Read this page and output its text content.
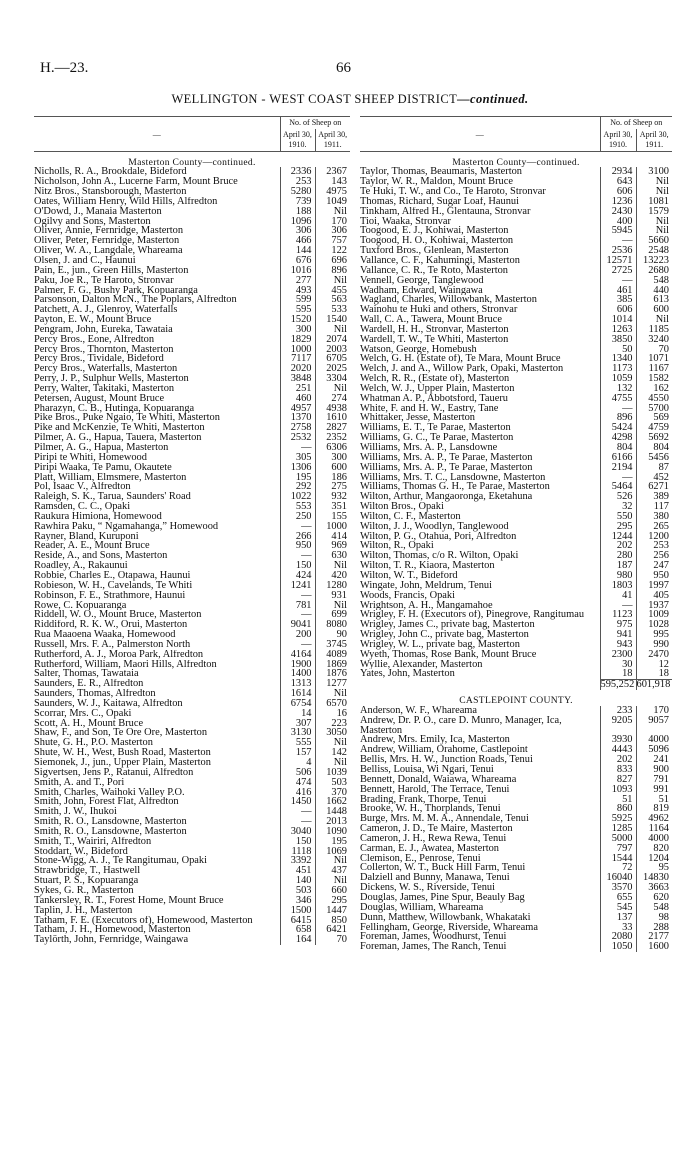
H.—23.	66
WELLINGTON - WEST COAST SHEEP DISTRICT—continued.
	No. of Sheep on	
—	April 30, 1910.	April 30, 1911.
Masterton County—continued.		
Nicholls, R. A., Brookdale, Bideford	2336	2367
Nicholson, John A., Lucerne Farm, Mount Bruce	253	143
Nitz Bros., Stansborough, Masterton	5280	4975
Oates, William Henry, Wild Hills, Alfredton	739	1049
O'Dowd, J., Manaia Masterton	188	Nil
Ogilvy and Sons, Masterton	1096	170
Oliver, Annie, Fernridge, Masterton	306	306
Oliver, Peter, Fernridge, Masterton	466	757
Oliver, W. A., Langdale, Whareama	144	122
Olsen, J. and C., Haunui	676	696
Pain, E., jun., Green Hills, Masterton	1016	896
Paku, Joe R., Te Haroto, Stronvar	277	Nil
Palmer, F. G., Bushy Park, Kopuaranga	493	455
Parsonson, Dalton McN., The Poplars, Alfredton	599	563
Patchett, A. J., Glenroy, Waterfalls	595	533
Payton, E. W., Mount Bruce	1520	1540
Pengram, John, Eureka, Tawataia	300	Nil
Percy Bros., Eone, Alfredton	1829	2074
Percy Bros., Thornton, Masterton	1000	2003
Percy Bros., Tividale, Bideford	7117	6705
Percy Bros., Waterfalls, Masterton	2020	2025
Perry, J. P., Sulphur Wells, Masterton	3848	3304
Perry, Walter, Takitaki, Masterton	251	Nil
Petersen, August, Mount Bruce	460	274
Pharazyn, C. B., Hutinga, Kopuaranga	4957	4938
Pike Bros., Puke Ngaio, Te Whiti, Masterton	1370	1610
Pike and McKenzie, Te Whiti, Masterton	2758	2827
Pilmer, A. G., Hapua, Tauera, Masterton	2532	2352
Pilmer, A. G., Hapua, Masterton	—	6306
Piripi te Whiti, Homewood	305	300
Piripi Waaka, Te Pamu, Okautete	1306	600
Platt, William, Elmsmere, Masterton	195	186
Pol, Isaac V., Alfredton	292	275
Raleigh, S. K., Tarua, Saunders' Road	1022	932
Ramsden, C. C., Opaki	553	351
Raukura Himiona, Homewood	250	155
Rawhira Paku, “ Ngamahanga,” Homewood	—	1000
Rayner, Bland, Kuruponi	266	414
Reader, A. E., Mount Bruce	950	969
Reside, A., and Sons, Masterton	—	630
Roadley, A., Rakaunui	150	Nil
Robbie, Charles E., Otapawa, Haunui	424	420
Robieson, W. H., Cavelands, Te Whiti	1241	1280
Robinson, F. E., Strathmore, Haunui	—	931
Rowe, C. Kopuaranga	781	Nil
Riddell, W. O., Mount Bruce, Masterton	—	699
Riddiford, R. K. W., Orui, Masterton	9041	8080
Rua Maaoena Waaka, Homewood	200	90
Russell, Mrs. F. A., Palmerston North	—	3745
Rutherford, A. J., Moroa Park, Alfredton	4164	4089
Rutherford, William, Maori Hills, Alfredton	1900	1869
Salter, Thomas, Tawataia	1400	1876
Saunders, E. R., Alfredton	1313	1277
Saunders, Thomas, Alfredton	1614	Nil
Saunders, W. J., Kaitawa, Alfredton	6754	6570
Scorrar, Mrs. C., Opaki	14	16
Scott, A. H., Mount Bruce	307	223
Shaw, F., and Son, Te Ore Ore, Masterton	3130	3050
Shute, G. H., P.O. Masterton	555	Nil
Shute, W. H., West, Bush Road, Masterton	157	142
Siemonek, J., jun., Upper Plain, Masterton	4	Nil
Sigvertsen, Jens P., Ratanui, Alfredton	506	1039
Smith, A. and T., Pori	474	503
Smith, Charles, Waihoki Valley P.O.	416	370
Smith, John, Forest Flat, Alfredton	1450	1662
Smith, J. W., Ihukoi	—	1448
Smith, R. O., Lansdowne, Masterton	—	2013
Smith, R. O., Lansdowne, Masterton	3040	1090
Smith, T., Wairiri, Alfredton	150	195
Stoddart, W., Bideford	1118	1069
Stone-Wigg, A. J., Te Rangitumau, Opaki	3392	Nil
Strawbridge, T., Hastwell	451	437
Stuart, P. S., Kopuaranga	140	Nil
Sykes, G. R., Masterton	503	660
Tankersley, R. T., Forest Home, Mount Bruce	346	295
Taplin, J. H., Masterton	1500	1447
Tatham, F. E. (Executors of), Homewood, Masterton	6415	850
Tatham, J. H., Homewood, Masterton	658	6421
Taylörth, John, Fernridge, Waingawa	164	70
	No. of Sheep on	
—	April 30, 1910.	April 30, 1911.
Masterton County—continued.		
Taylor, Thomas, Beaumaris, Masterton	2934	3100
Taylor, W. R., Maldon, Mount Bruce	643	Nil
Te Huki, T. W., and Co., Te Haroto, Stronvar	606	Nil
Thomas, Richard, Sugar Loaf, Haunui	1236	1081
Tinkham, Alfred H., Glentauna, Stronvar	2430	1579
Tioi, Waaka, Stronvar	400	Nil
Toogood, E. J., Kohiwai, Masterton	5945	Nil
Toogood, H. O., Kohiwai, Masterton	—	5660
Tuxford Bros., Glenlean, Masterton	2536	2548
Vallance, C. F., Kahumingi, Masterton	12571	13223
Vallance, C. R., Te Roto, Masterton	2725	2680
Vennell, George, Tanglewood	—	548
Wadham, Edward, Waingawa	461	440
Wagland, Charles, Willowbank, Masterton	385	613
Wainohu te Huki and others, Stronvar	606	600
Wall, C. A., Tawera, Mount Bruce	1014	Nil
Wardell, H. H., Stronvar, Masterton	1263	1185
Wardell, T. W., Te Whiti, Masterton	3850	3240
Watson, George, Homebush	50	70
Welch, G. H. (Estate of), Te Mara, Mount Bruce	1340	1071
Welch, J. and A., Willow Park, Opaki, Masterton	1173	1167
Welch, R. R., (Estate of), Masterton	1059	1582
Welch, W. J., Upper Plain, Masterton	132	162
Whatman A. P., Abbotsford, Taueru	4755	4550
White, F. and H. W., Eastry, Tane	—	5700
Whittaker, Jesse, Masterton	896	569
Williams, E. T., Te Parae, Masterton	5424	4759
Williams, G. C., Te Parae, Masterton	4298	5692
Williams, Mrs. A. P., Lansdowne	804	804
Williams, Mrs. A. P., Te Parae, Masterton	6166	5456
Williams, Mrs. A. P., Te Parae, Masterton	2194	87
Williams, Mrs. T. C., Lansdowne, Masterton	—	452
Williams, Thomas G. H., Te Parae, Masterton	5464	6271
Wilton, Arthur, Mangaoronga, Eketahuna	526	389
Wilton Bros., Opaki	32	117
Wilton, C. F., Masterton	550	380
Wilton, J. J., Woodlyn, Tanglewood	295	265
Wilton, P. G., Otahua, Pori, Alfredton	1244	1200
Wilton, R., Opaki	202	253
Wilton, Thomas, c/o R. Wilton, Opaki	280	256
Wilton, T. R., Kiaora, Masterton	187	247
Wilton, W. T., Bideford	980	950
Wingate, John, Meldrum, Tenui	1803	1997
Woods, Francis, Opaki	41	405
Wrightson, A. H., Mangamahoe	—	1937
Wrigley, F. H. (Executors of), Pinegrove, Rangitumau	1123	1009
Wrigley, James C., private bag, Masterton	975	1028
Wrigley, John C., private bag, Masterton	941	995
Wrigley, W. L., private bag, Masterton	943	990
Wyeth, Thomas, Rose Bank, Mount Bruce	2300	2470
Wyllie, Alexander, Masterton	30	12
Yates, John, Masterton	18	18
	595,252	601,918
CASTLEPOINT COUNTY.		
Anderson, W. F., Whareama	233	170
Andrew, Dr. P. O., care D. Munro, Manager, Ica, Masterton	9205	9057
Andrew, Mrs. Emily, Ica, Masterton	3930	4000
Andrew, William, Orahome, Castlepoint	4443	5096
Bellis, Mrs. H. W., Junction Roads, Tenui	202	241
Belliss, Louisa, Wi Ngari, Tenui	833	900
Bennett, Donald, Waiawa, Whareama	827	791
Bennett, Harold, The Terrace, Tenui	1093	991
Brading, Frank, Thorpe, Tenui	51	51
Brooke, W. H., Thorplands, Tenui	860	819
Burge, Mrs. M. M. A., Annendale, Tenui	5925	4962
Cameron, J. D., Te Maire, Masterton	1285	1164
Cameron, J. H., Rewa Rewa, Tenui	5000	4000
Carman, E. J., Awatea, Masterton	797	820
Clemison, E., Penrose, Tenui	1544	1204
Collerton, W. T., Buck Hill Farm, Tenui	72	95
Dalziell and Bunny, Manawa, Tenui	16040	14830
Dickens, W. S., Riverside, Tenui	3570	3663
Douglas, James, Pine Spur, Beauly Bag	655	620
Douglas, William, Whareama	545	548
Dunn, Matthew, Willowbank, Whakataki	137	98
Fellingham, George, Riverside, Whareama	33	288
Foreman, James, Woodhurst, Tenui	2080	2177
Foreman, James, The Ranch, Tenui	1050	1600
